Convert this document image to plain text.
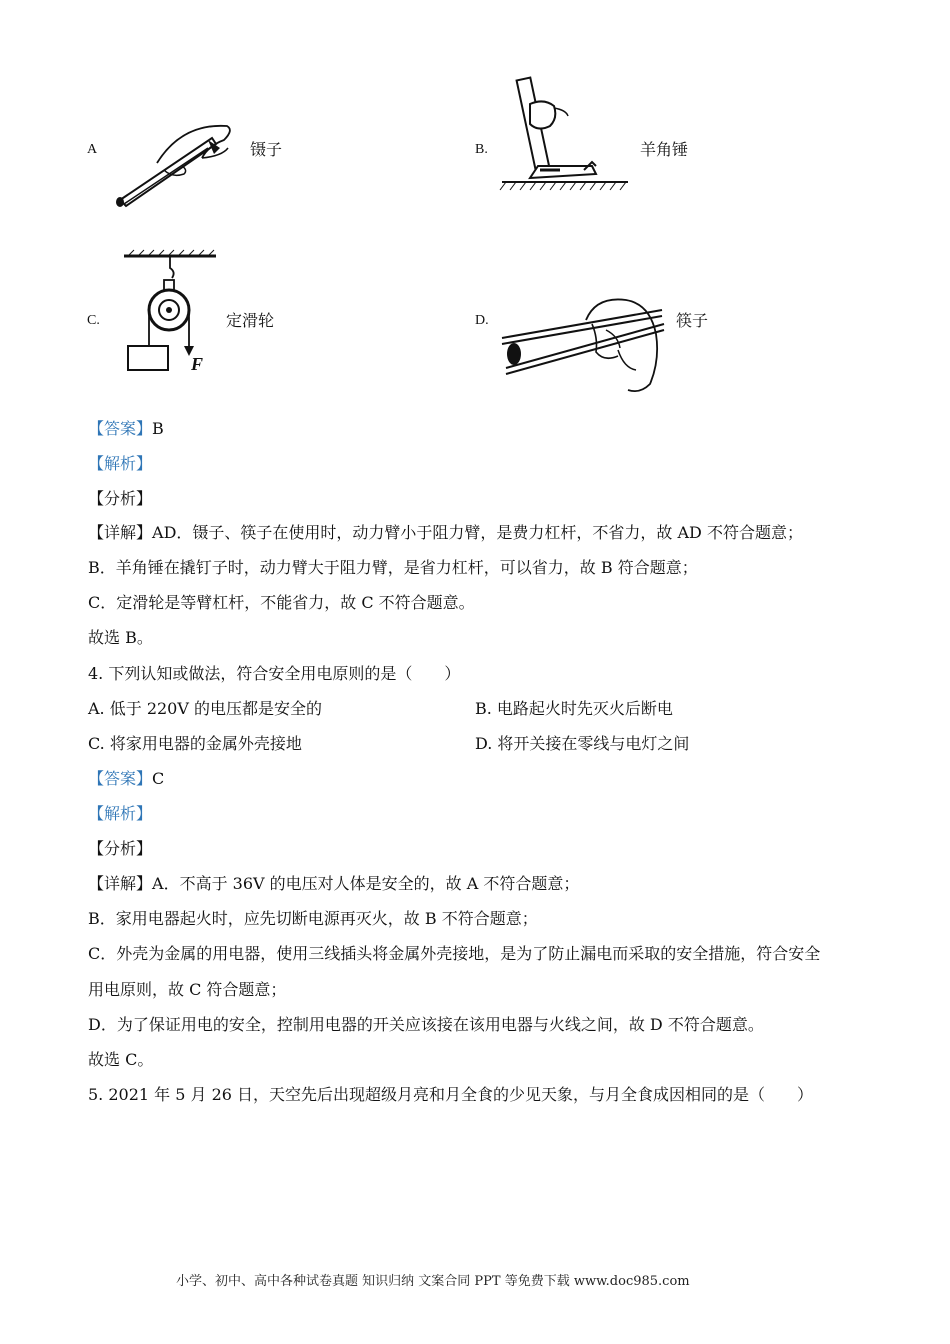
A	镊子	B.	羊角锤
C.
F
定滑轮	D.	筷子
【答案】B
【解析】
【分析】
【详解】AD．镊子、筷子在使用时，动力臂小于阻力臂，是费力杠杆，不省力，故 AD 不符合题意；
B．羊角锤在撬钉子时，动力臂大于阻力臂，是省力杠杆，可以省力，故 B 符合题意；
C．定滑轮是等臂杠杆，不能省力，故 C 不符合题意。
故选 B。
4. 下列认知或做法，符合安全用电原则的是（　　）
A. 低于 220V 的电压都是安全的	B. 电路起火时先灭火后断电
C. 将家用电器的金属外壳接地	D. 将开关接在零线与电灯之间
【答案】C
【解析】
【分析】
【详解】A．不高于 36V 的电压对人体是安全的，故 A 不符合题意；
B．家用电器起火时，应先切断电源再灭火，故 B 不符合题意；
C．外壳为金属的用电器，使用三线插头将金属外壳接地，是为了防止漏电而采取的安全措施，符合安全
用电原则，故 C 符合题意；
D．为了保证用电的安全，控制用电器的开关应该接在该用电器与火线之间，故 D 不符合题意。
故选 C。
5. 2021 年 5 月 26 日，天空先后出现超级月亮和月全食的少见天象，与月全食成因相同的是（　　）
小学、初中、高中各种试卷真题 知识归纳 文案合同 PPT 等免费下载 www.doc985.com
